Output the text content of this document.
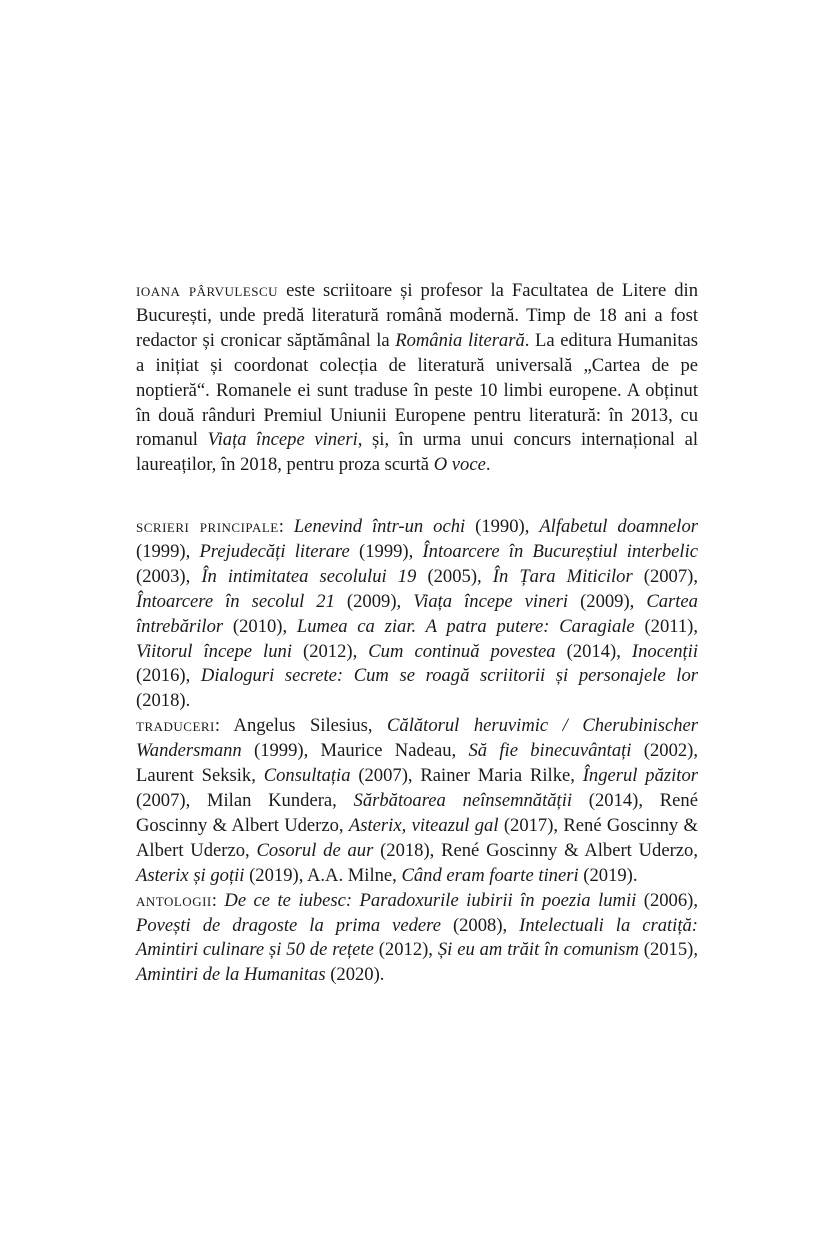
ioana pârvulescu este scriitoare și profesor la Facultatea de Litere din București, unde predă literatură română modernă. Timp de 18 ani a fost redactor și cronicar săptămânal la România literară. La editura Humanitas a inițiat și coordonat colecția de literatură universală „Cartea de pe noptieră“. Romanele ei sunt traduse în peste 10 limbi europene. A obținut în două rânduri Premiul Uniunii Europene pentru literatură: în 2013, cu romanul Viața începe vineri, și, în urma unui concurs internațional al laureaților, în 2018, pentru proza scurtă O voce.

scrieri principale: Lenevind într-un ochi (1990), Alfabetul doamnelor (1999), Prejudecăți literare (1999), Întoarcere în Bucureștiul interbelic (2003), În intimitatea secolului 19 (2005), În Țara Miticilor (2007), Întoarcere în secolul 21 (2009), Viața începe vineri (2009), Cartea întrebărilor (2010), Lumea ca ziar. A patra putere: Caragiale (2011), Viitorul începe luni (2012), Cum continuă povestea (2014), Inocenții (2016), Dialoguri secrete: Cum se roagă scriitorii și personajele lor (2018).

traduceri: Angelus Silesius, Călătorul heruvimic / Cherubinischer Wandersmann (1999), Maurice Nadeau, Să fie binecuvântați (2002), Laurent Seksik, Consultația (2007), Rainer Maria Rilke, Îngerul păzitor (2007), Milan Kundera, Sărbătoarea neînsemnătății (2014), René Goscinny & Albert Uderzo, Asterix, viteazul gal (2017), René Goscinny & Albert Uderzo, Cosorul de aur (2018), René Goscinny & Albert Uderzo, Asterix și goții (2019), A.A. Milne, Când eram foarte tineri (2019).

antologii: De ce te iubesc: Paradoxurile iubirii în poezia lumii (2006), Povești de dragoste la prima vedere (2008), Intelectuali la cratiță: Amintiri culinare și 50 de rețete (2012), Și eu am trăit în comunism (2015), Amintiri de la Humanitas (2020).
